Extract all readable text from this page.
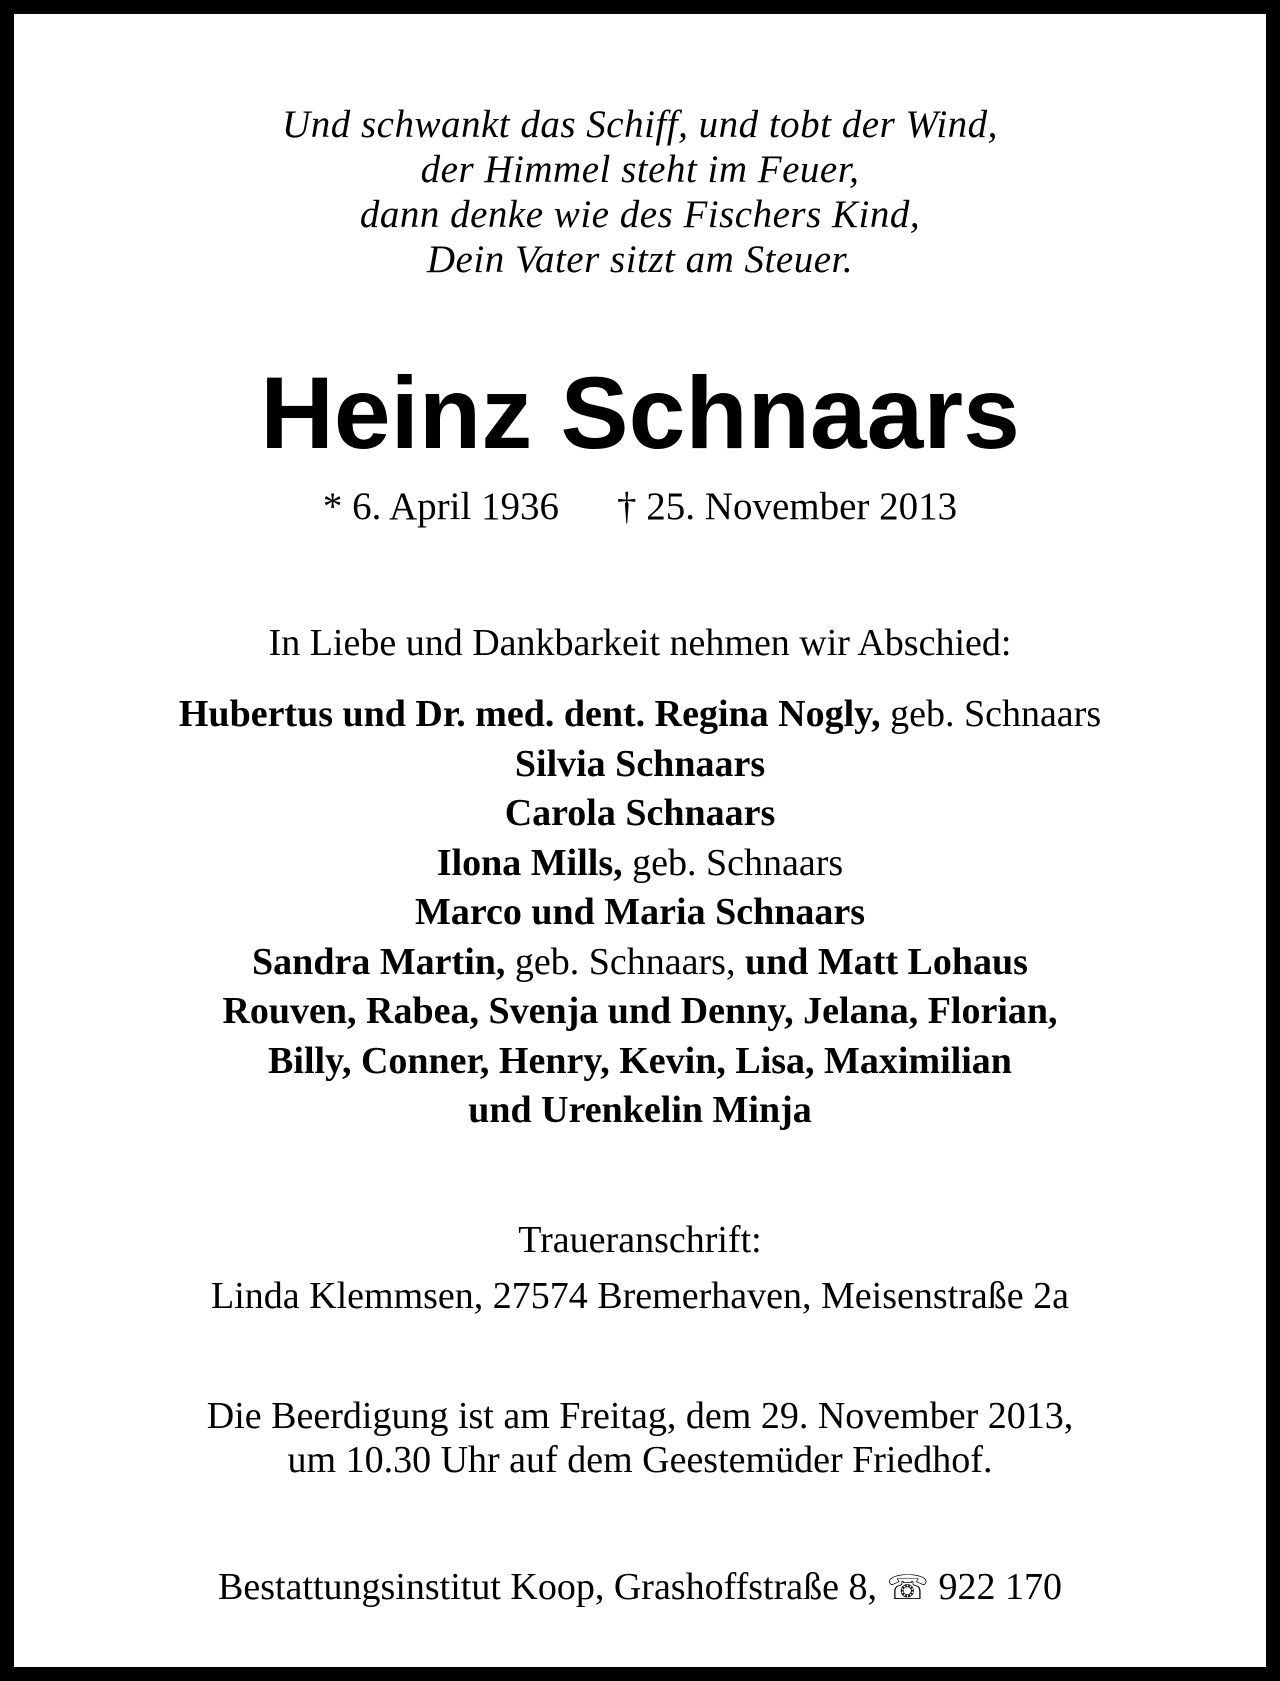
Und schwankt das Schiff, und tobt der Wind,
der Himmel steht im Feuer,
dann denke wie des Fischers Kind,
Dein Vater sitzt am Steuer.
Heinz Schnaars
* 6. April 1936 † 25. November 2013
In Liebe und Dankbarkeit nehmen wir Abschied:
Hubertus und Dr. med. dent. Regina Nogly, geb. Schnaars
Silvia Schnaars
Carola Schnaars
Ilona Mills, geb. Schnaars
Marco und Maria Schnaars
Sandra Martin, geb. Schnaars, und Matt Lohaus
Rouven, Rabea, Svenja und Denny, Jelana, Florian,
Billy, Conner, Henry, Kevin, Lisa, Maximilian
und Urenkelin Minja
Traueranschrift:
Linda Klemmsen, 27574 Bremerhaven, Meisenstraße 2a
Die Beerdigung ist am Freitag, dem 29. November 2013,
um 10.30 Uhr auf dem Geestemüder Friedhof.
Bestattungsinstitut Koop, Grashoffstraße 8, ☏ 922 170
